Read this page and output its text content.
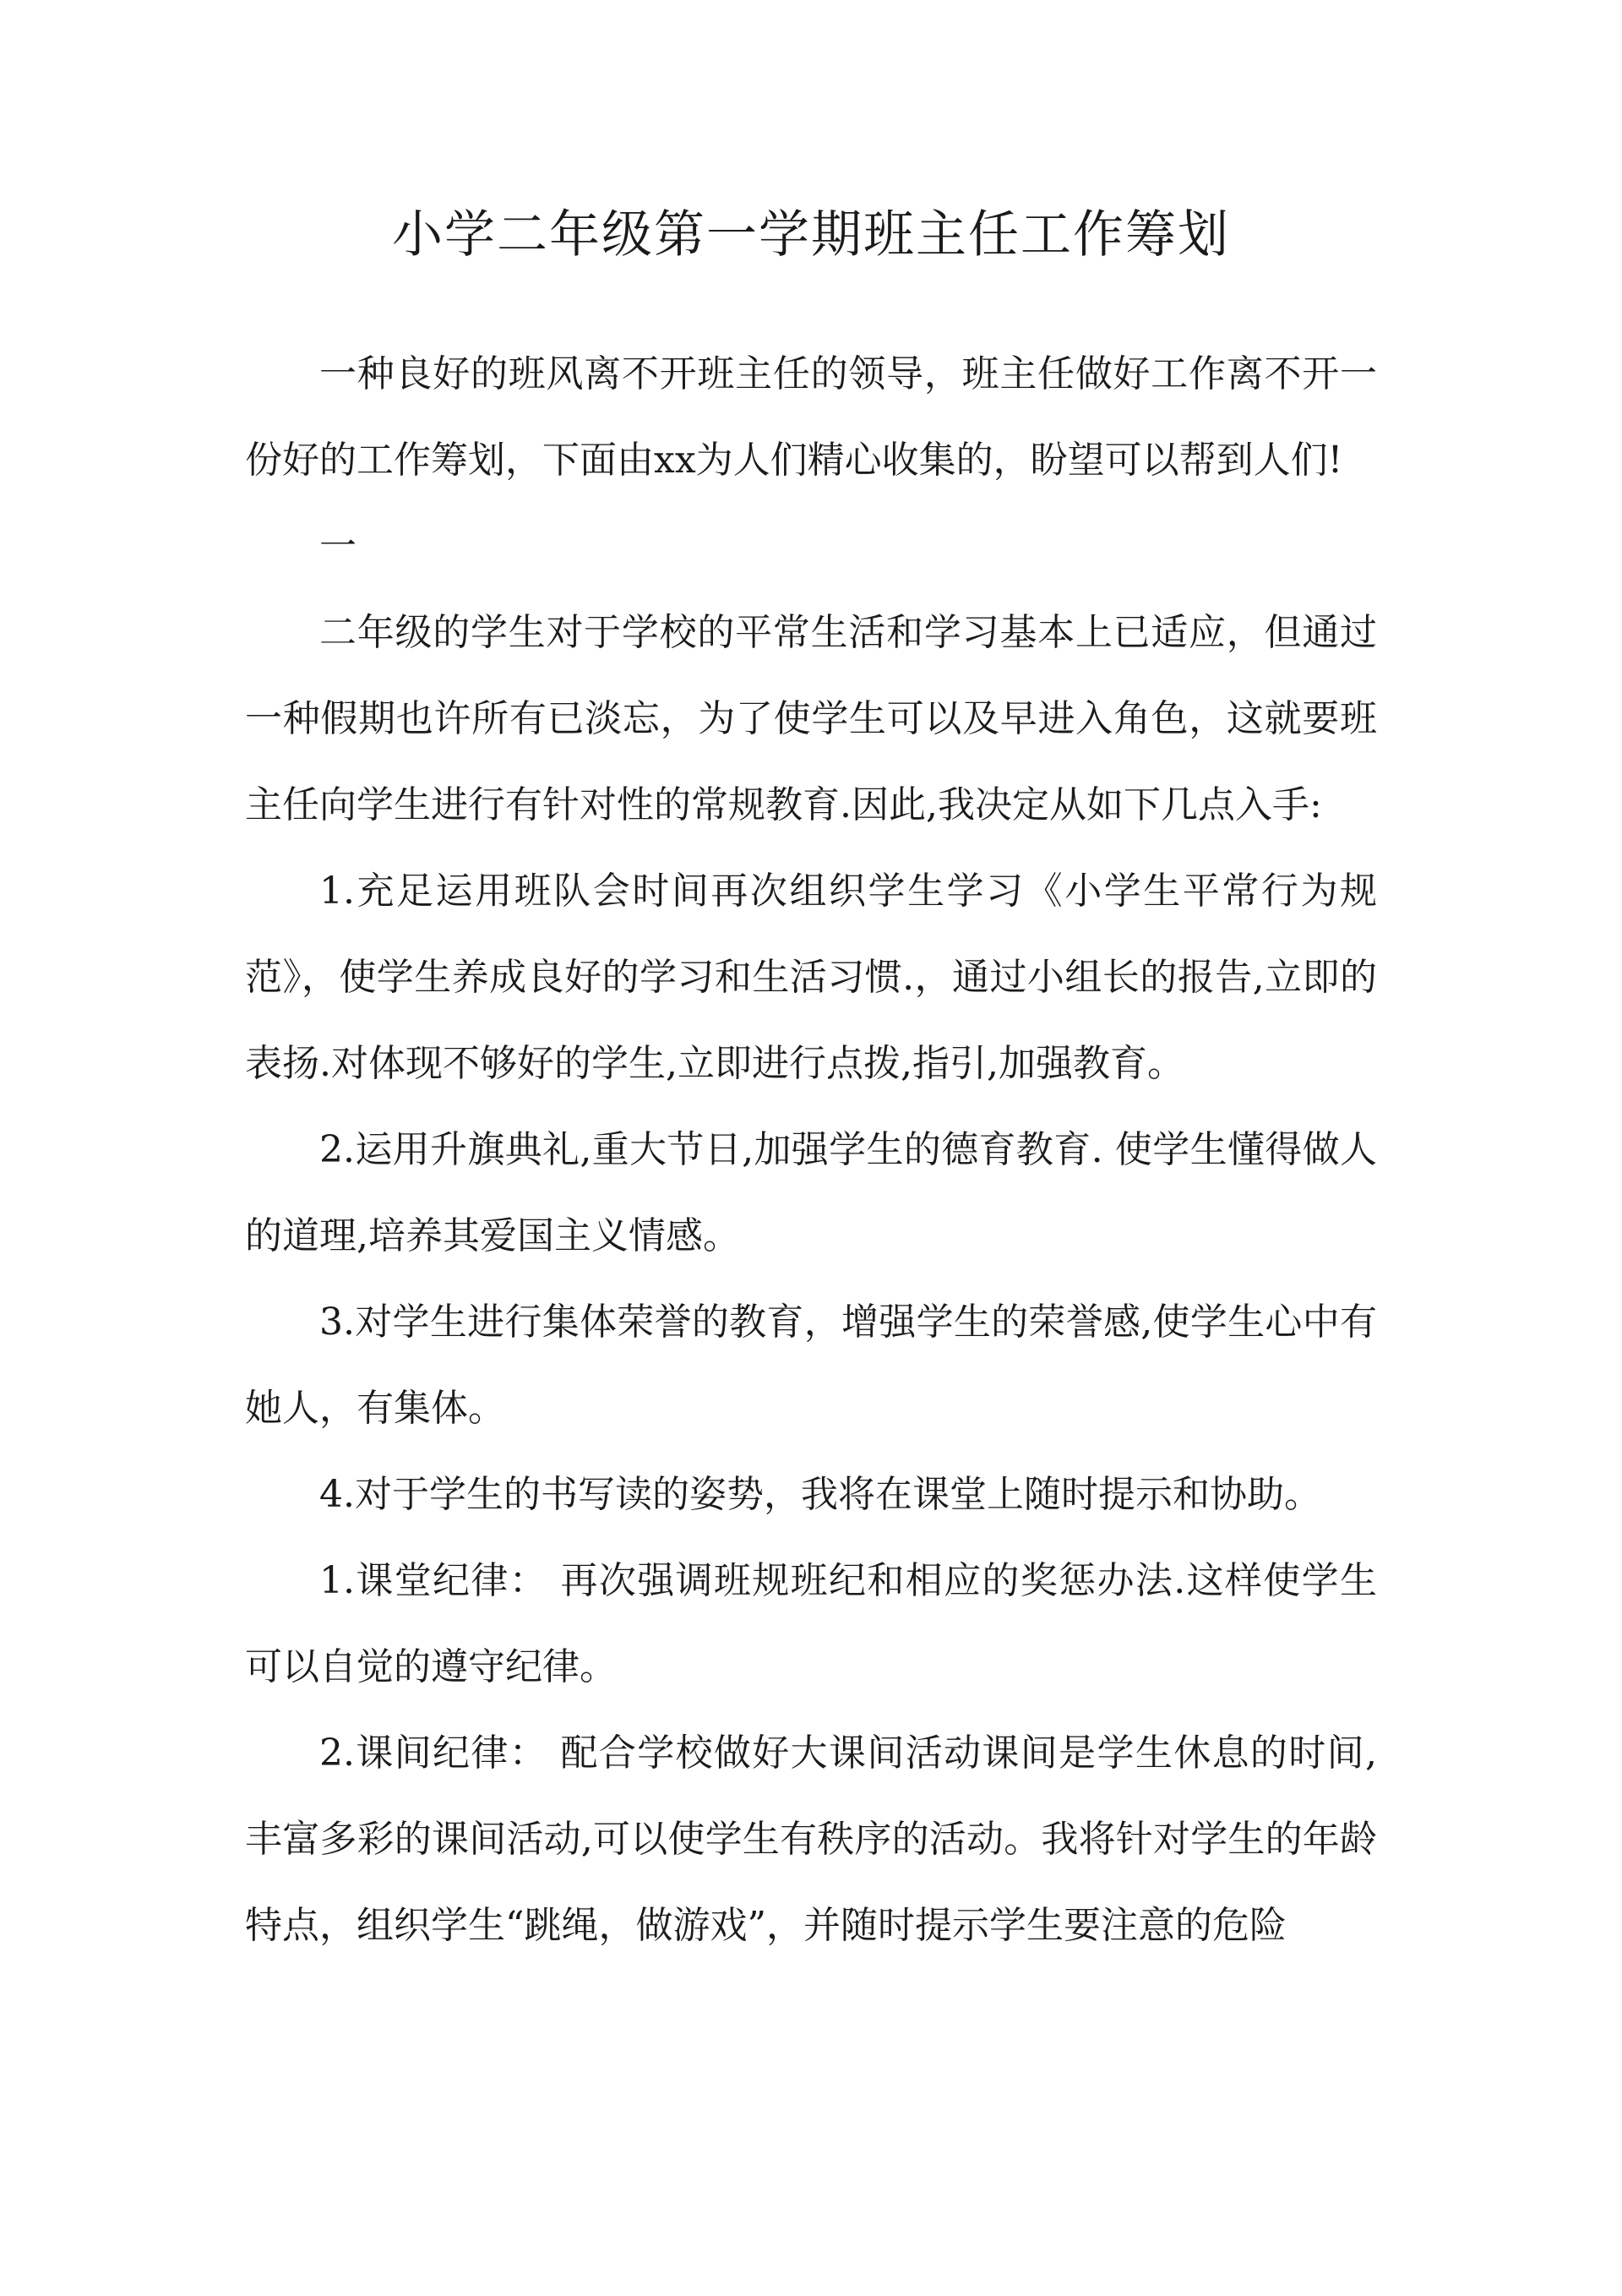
小学二年级第一学期班主任工作筹划

一种良好的班风离不开班主任的领导，班主任做好工作离不开一份好的工作筹划，下面由xx为人们精心收集的，盼望可以帮到人们!

一

二年级的学生对于学校的平常生活和学习基本上已适应，但通过一种假期也许所有已淡忘，为了使学生可以及早进入角色，这就要班主任向学生进行有针对性的常规教育.因此,我决定从如下几点入手:

1.充足运用班队会时间再次组织学生学习《小学生平常行为规范》，使学生养成良好的学习和生活习惯.，通过小组长的报告,立即的表扬.对体现不够好的学生,立即进行点拨,指引,加强教育。

2.运用升旗典礼,重大节日,加强学生的德育教育. 使学生懂得做人的道理,培养其爱国主义情感。

3.对学生进行集体荣誉的教育，增强学生的荣誉感,使学生心中有她人，有集体。

4.对于学生的书写读的姿势，我将在课堂上随时提示和协助。

1.课堂纪律： 再次强调班规班纪和相应的奖惩办法.这样使学生可以自觉的遵守纪律。

2.课间纪律： 配合学校做好大课间活动课间是学生休息的时间,丰富多彩的课间活动,可以使学生有秩序的活动。我将针对学生的年龄特点，组织学生“跳绳，做游戏”，并随时提示学生要注意的危险
